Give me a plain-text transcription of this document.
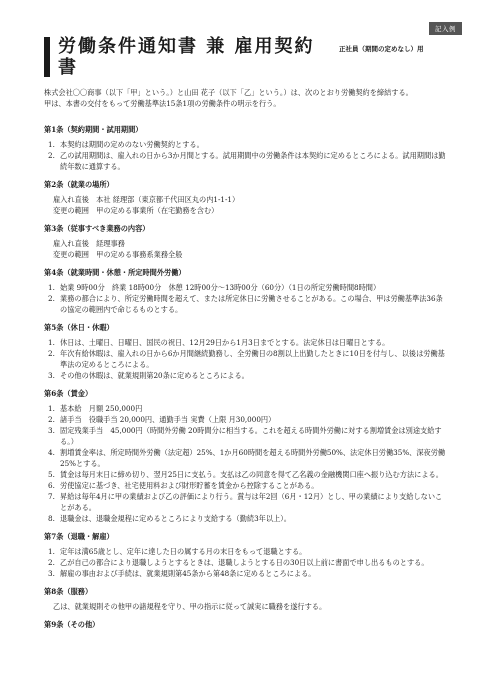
記入例
労働条件通知書 兼 雇用契約書
正社員（期間の定めなし）用

株式会社〇〇商事（以下「甲」という。）と山田 花子（以下「乙」という。）は、次のとおり労働契約を締結する。

甲は、本書の交付をもって労働基準法15条1項の労働条件の明示を行う。

第1条（契約期間・試用期間）
1. 本契約は期間の定めのない労働契約とする。
2. 乙の試用期間は、雇入れの日から3か月間とする。試用期間中の労働条件は本契約に定めるところによる。試用期間は勤続年数に通算する。
第2条（就業の場所）
雇入れ直後　本社 経理部（東京都千代田区丸の内1-1-1）
変更の範囲　甲の定める事業所（在宅勤務を含む）
第3条（従事すべき業務の内容）
雇入れ直後　経理事務
変更の範囲　甲の定める事務系業務全般
第4条（就業時間・休憩・所定時間外労働）
1. 始業 9時00分　終業 18時00分　休憩 12時00分～13時00分（60分）（1日の所定労働時間8時間）
2. 業務の都合により、所定労働時間を超えて、または所定休日に労働させることがある。この場合、甲は労働基準法36条の協定の範囲内で命じるものとする。
第5条（休日・休暇）
1. 休日は、土曜日、日曜日、国民の祝日、12月29日から1月3日までとする。法定休日は日曜日とする。
2. 年次有給休暇は、雇入れの日から6か月間継続勤務し、全労働日の8割以上出勤したときに10日を付与し、以後は労働基準法の定めるところによる。
3. その他の休暇は、就業規則第20条に定めるところによる。
第6条（賃金）
1. 基本給　月額 250,000円
2. 諸手当　役職手当 20,000円、通勤手当 実費（上限 月30,000円）
3. 固定残業手当　45,000円（時間外労働 20時間分に相当する。これを超える時間外労働に対する割増賃金は別途支給する。）
4. 割増賃金率は、所定時間外労働（法定超）25%、1か月60時間を超える時間外労働50%、法定休日労働35%、深夜労働25%とする。
5. 賃金は毎月末日に締め切り、翌月25日に支払う。支払は乙の同意を得て乙名義の金融機関口座へ振り込む方法による。
6. 労使協定に基づき、社宅使用料および財形貯蓄を賃金から控除することがある。
7. 昇給は毎年4月に甲の業績および乙の評価により行う。賞与は年2回（6月・12月）とし、甲の業績により支給しないことがある。
8. 退職金は、退職金規程に定めるところにより支給する（勤続3年以上）。
第7条（退職・解雇）
1. 定年は満65歳とし、定年に達した日の属する月の末日をもって退職とする。
2. 乙が自己の都合により退職しようとするときは、退職しようとする日の30日以上前に書面で申し出るものとする。
3. 解雇の事由および手続は、就業規則第45条から第48条に定めるところによる。
第8条（服務）
乙は、就業規則その他甲の諸規程を守り、甲の指示に従って誠実に職務を遂行する。
第9条（その他）
